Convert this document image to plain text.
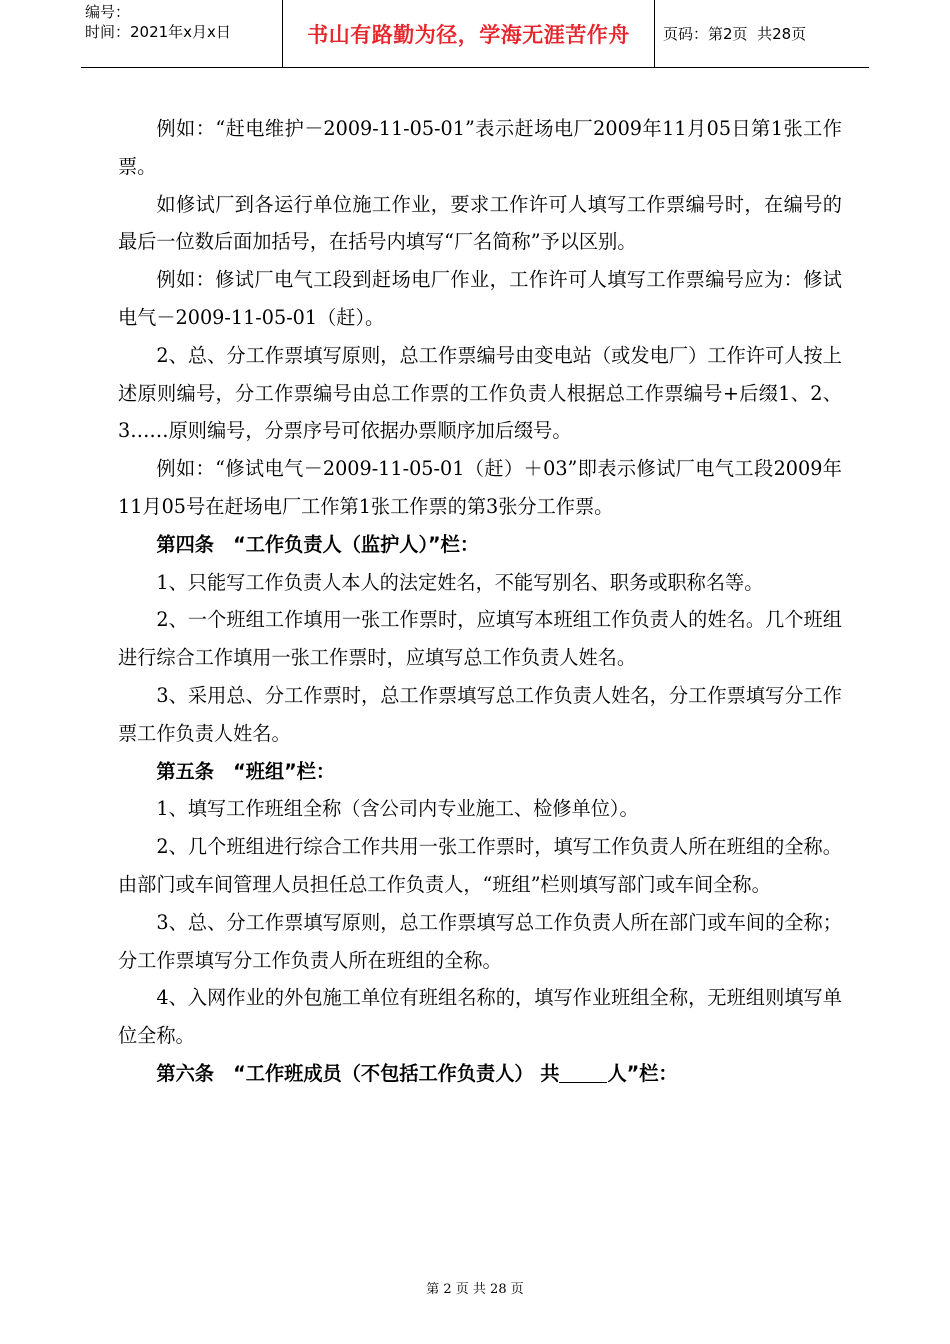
编号：
时间：2021年x月x日	书山有路勤为径，学海无涯苦作舟 页码：第2页  共28页

例如：“赶电维护－2009-11-05-01”表示赶场电厂2009年11月05日第1张工作票。

如修试厂到各运行单位施工作业，要求工作许可人填写工作票编号时，在编号的最后一位数后面加括号，在括号内填写“厂名简称”予以区别。

例如：修试厂电气工段到赶场电厂作业，工作许可人填写工作票编号应为：修试电气－2009-11-05-01（赶）。

2、总、分工作票填写原则，总工作票编号由变电站（或发电厂）工作许可人按上述原则编号，分工作票编号由总工作票的工作负责人根据总工作票编号+后缀1、2、3……原则编号，分票序号可依据办票顺序加后缀号。

例如：“修试电气－2009-11-05-01（赶）＋03”即表示修试厂电气工段2009年11月05号在赶场电厂工作第1张工作票的第3张分工作票。

第四条　“工作负责人（监护人）”栏：

1、只能写工作负责人本人的法定姓名，不能写别名、职务或职称名等。

2、一个班组工作填用一张工作票时，应填写本班组工作负责人的姓名。几个班组进行综合工作填用一张工作票时，应填写总工作负责人姓名。

3、采用总、分工作票时，总工作票填写总工作负责人姓名，分工作票填写分工作票工作负责人姓名。

第五条　“班组”栏：

1、填写工作班组全称（含公司内专业施工、检修单位）。

2、几个班组进行综合工作共用一张工作票时，填写工作负责人所在班组的全称。由部门或车间管理人员担任总工作负责人，“班组”栏则填写部门或车间全称。

3、总、分工作票填写原则，总工作票填写总工作负责人所在部门或车间的全称；分工作票填写分工作负责人所在班组的全称。

4、入网作业的外包施工单位有班组名称的，填写作业班组全称，无班组则填写单位全称。

第六条　“工作班成员（不包括工作负责人） 共	人”栏：

第 2 页 共 28 页
